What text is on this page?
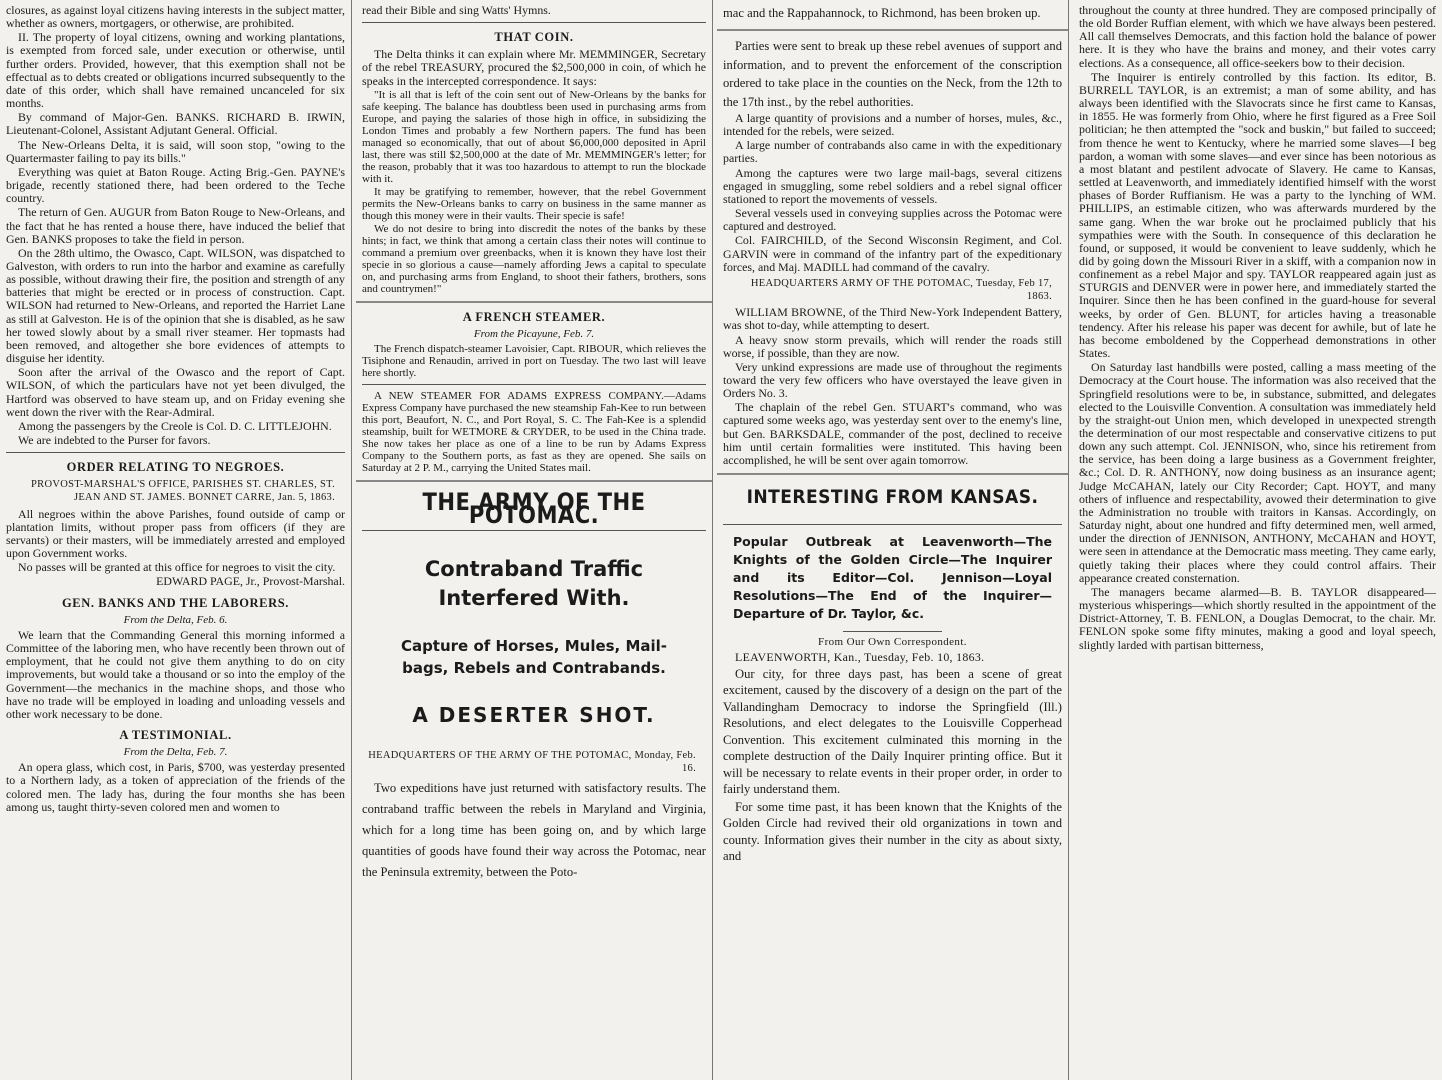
closures, as against loyal citizens having interests in the subject matter, whether as owners, mortgagers, or otherwise, are prohibited.

II. The property of loyal citizens, owning and working plantations, is exempted from forced sale, under execution or otherwise, until further orders. Provided, however, that this exemption shall not be effectual as to debts created or obligations incurred subsequently to the date of this order, which shall have remained uncanceled for six months.

By command of Major-Gen. BANKS. RICHARD B. IRWIN, Lieutenant-Colonel, Assistant Adjutant General. Official.

The New-Orleans Delta, it is said, will soon stop, "owing to the Quartermaster failing to pay its bills."

Everything was quiet at Baton Rouge. Acting Brig.-Gen. PAYNE's brigade, recently stationed there, had been ordered to the Teche country.

The return of Gen. AUGUR from Baton Rouge to New-Orleans, and the fact that he has rented a house there, have induced the belief that Gen. BANKS proposes to take the field in person.

On the 28th ultimo, the Owasco, Capt. WILSON, was dispatched to Galveston, with orders to run into the harbor and examine as carefully as possible, without drawing their fire, the position and strength of any batteries that might be erected or in process of construction. Capt. WILSON had returned to New-Orleans, and reported the Harriet Lane as still at Galveston. He is of the opinion that she is disabled, as he saw her towed slowly about by a small river steamer. Her topmasts had been removed, and altogether she bore evidences of attempts to disguise her identity.

Soon after the arrival of the Owasco and the report of Capt. WILSON, of which the particulars have not yet been divulged, the Hartford was observed to have steam up, and on Friday evening she went down the river with the Rear-Admiral.

Among the passengers by the Creole is Col. D. C. LITTLEJOHN.

We are indebted to the Purser for favors.

ORDER RELATING TO NEGROES.

PROVOST-MARSHAL'S OFFICE, PARISHES ST. CHARLES, ST. JEAN AND ST. JAMES. BONNET CARRE, Jan. 5, 1863.

All negroes within the above Parishes, found outside of camp or plantation limits, without proper pass from officers (if they are servants) or their masters, will be immediately arrested and employed upon Government works.

No passes will be granted at this office for negroes to visit the city.

EDWARD PAGE, Jr., Provost-Marshal.

GEN. BANKS AND THE LABORERS.

From the Delta, Feb. 6.

We learn that the Commanding General this morning informed a Committee of the laboring men, who have recently been thrown out of employment, that he could not give them anything to do on city improvements, but would take a thousand or so into the employ of the Government—the mechanics in the machine shops, and those who have no trade will be employed in loading and unloading vessels and other work necessary to be done.

A TESTIMONIAL.

From the Delta, Feb. 7.

An opera glass, which cost, in Paris, $700, was yesterday presented to a Northern lady, as a token of appreciation of the friends of the colored men. The lady has, during the four months she has been among us, taught thirty-seven colored men and women to

read their Bible and sing Watts' Hymns.

THAT COIN.

The Delta thinks it can explain where Mr. MEMMINGER, Secretary of the rebel TREASURY, procured the $2,500,000 in coin, of which he speaks in the intercepted correspondence. It says:

"It is all that is left of the coin sent out of New-Orleans by the banks for safe keeping. The balance has doubtless been used in purchasing arms from Europe, and paying the salaries of those high in office, in subsidizing the London Times and probably a few Northern papers. The fund has been managed so economically, that out of about $6,000,000 deposited in April last, there was still $2,500,000 at the date of Mr. MEMMINGER's letter; for the reason, probably that it was too hazardous to attempt to run the blockade with it.

It may be gratifying to remember, however, that the rebel Government permits the New-Orleans banks to carry on business in the same manner as though this money were in their vaults. Their specie is safe!

We do not desire to bring into discredit the notes of the banks by these hints; in fact, we think that among a certain class their notes will continue to command a premium over greenbacks, when it is known they have lost their specie in so glorious a cause—namely affording Jews a capital to speculate on, and purchasing arms from England, to shoot their fathers, brothers, sons and countrymen!"

A FRENCH STEAMER.

From the Picayune, Feb. 7.

The French dispatch-steamer Lavoisier, Capt. RIBOUR, which relieves the Tisiphone and Renaudin, arrived in port on Tuesday. The two last will leave here shortly.

A NEW STEAMER FOR ADAMS EXPRESS COMPANY.—Adams Express Company have purchased the new steamship Fah-Kee to run between this port, Beaufort, N. C., and Port Royal, S. C. The Fah-Kee is a splendid steamship, built for WETMORE & CRYDER, to be used in the China trade. She now takes her place as one of a line to be run by Adams Express Company to the Southern ports, as fast as they are opened. She sails on Saturday at 2 P. M., carrying the United States mail.

THE ARMY OF THE POTOMAC.
Contraband Traffic Interfered With.
Capture of Horses, Mules, Mail-bags, Rebels and Contrabands.
A DESERTER SHOT.

HEADQUARTERS OF THE ARMY OF THE POTOMAC, Monday, Feb. 16.

Two expeditions have just returned with satisfactory results. The contraband traffic between the rebels in Maryland and Virginia, which for a long time has been going on, and by which large quantities of goods have found their way across the Potomac, near the Peninsula extremity, between the Poto-

mac and the Rappahannock, to Richmond, has been broken up.

Parties were sent to break up these rebel avenues of support and information, and to prevent the enforcement of the conscription ordered to take place in the counties on the Neck, from the 12th to the 17th inst., by the rebel authorities.

A large quantity of provisions and a number of horses, mules, &c., intended for the rebels, were seized.

A large number of contrabands also came in with the expeditionary parties.

Among the captures were two large mail-bags, several citizens engaged in smuggling, some rebel soldiers and a rebel signal officer stationed to report the movements of vessels.

Several vessels used in conveying supplies across the Potomac were captured and destroyed.

Col. FAIRCHILD, of the Second Wisconsin Regiment, and Col. GARVIN were in command of the infantry part of the expeditionary forces, and Maj. MADILL had command of the cavalry.

HEADQUARTERS ARMY OF THE POTOMAC, Tuesday, Feb 17, 1863.

WILLIAM BROWNE, of the Third New-York Independent Battery, was shot to-day, while attempting to desert.

A heavy snow storm prevails, which will render the roads still worse, if possible, than they are now.

Very unkind expressions are made use of throughout the regiments toward the very few officers who have overstayed the leave given in Orders No. 3.

The chaplain of the rebel Gen. STUART's command, who was captured some weeks ago, was yesterday sent over to the enemy's line, but Gen. BARKSDALE, commander of the post, declined to receive him until certain formalities were instituted. This having been accomplished, he will be sent over again tomorrow.

INTERESTING FROM KANSAS.
Popular Outbreak at Leavenworth—The Knights of the Golden Circle—The Inquirer and its Editor—Col. Jennison—Loyal Resolutions—The End of the Inquirer—Departure of Dr. Taylor, &c.

From Our Own Correspondent.

LEAVENWORTH, Kan., Tuesday, Feb. 10, 1863.

Our city, for three days past, has been a scene of great excitement, caused by the discovery of a design on the part of the Vallandingham Democracy to indorse the Springfield (Ill.) Resolutions, and elect delegates to the Louisville Copperhead Convention. This excitement culminated this morning in the complete destruction of the Daily Inquirer printing office. But it will be necessary to relate events in their proper order, in order to fairly understand them.

For some time past, it has been known that the Knights of the Golden Circle had revived their old organizations in town and county. Information gives their number in the city as about sixty, and

throughout the county at three hundred. They are composed principally of the old Border Ruffian element, with which we have always been pestered. All call themselves Democrats, and this faction hold the balance of power here. It is they who have the brains and money, and their votes carry elections. As a consequence, all office-seekers bow to their decision.

The Inquirer is entirely controlled by this faction. Its editor, B. BURRELL TAYLOR, is an extremist; a man of some ability, and has always been identified with the Slavocrats since he first came to Kansas, in 1855. He was formerly from Ohio, where he first figured as a Free Soil politician; he then attempted the "sock and buskin," but failed to succeed; from thence he went to Kentucky, where he married some slaves—I beg pardon, a woman with some slaves—and ever since has been notorious as a most blatant and pestilent advocate of Slavery. He came to Kansas, settled at Leavenworth, and immediately identified himself with the worst phases of Border Ruffianism. He was a party to the lynching of WM. PHILLIPS, an estimable citizen, who was afterwards murdered by the same gang. When the war broke out he proclaimed publicly that his sympathies were with the South. In consequence of this declaration he found, or supposed, it would be convenient to leave suddenly, which he did by going down the Missouri River in a skiff, with a companion now in confinement as a rebel Major and spy. TAYLOR reappeared again just as STURGIS and DENVER were in power here, and immediately started the Inquirer. Since then he has been confined in the guard-house for several weeks, by order of Gen. BLUNT, for articles having a treasonable tendency. After his release his paper was decent for awhile, but of late he has become emboldened by the Copperhead demonstrations in other States.

On Saturday last handbills were posted, calling a mass meeting of the Democracy at the Court house. The information was also received that the Springfield resolutions were to be, in substance, submitted, and delegates elected to the Louisville Convention. A consultation was immediately held by the straight-out Union men, which developed in unexpected strength the determination of our most respectable and conservative citizens to put down any such attempt. Col. JENNISON, who, since his retirement from the service, has been doing a large business as a Government freighter, &c.; Col. D. R. ANTHONY, now doing business as an insurance agent; Judge McCAHAN, lately our City Recorder; Capt. HOYT, and many others of influence and respectability, avowed their determination to give the Administration no trouble with traitors in Kansas. Accordingly, on Saturday night, about one hundred and fifty determined men, well armed, under the direction of JENNISON, ANTHONY, McCAHAN and HOYT, were seen in attendance at the Democratic mass meeting. They came early, quietly taking their places where they could control affairs. Their appearance created consternation.

The managers became alarmed—B. B. TAYLOR disappeared—mysterious whisperings—which shortly resulted in the appointment of the District-Attorney, T. B. FENLON, a Douglas Democrat, to the chair. Mr. FENLON spoke some fifty minutes, making a good and loyal speech, slightly larded with partisan bitterness,
